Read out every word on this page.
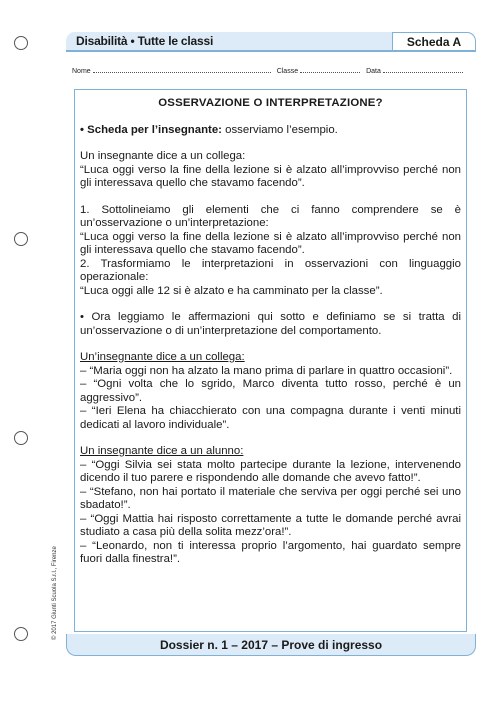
Disabilità • Tutte le classi	Scheda A
Nome	Classe	Data
OSSERVAZIONE O INTERPRETAZIONE?

• Scheda per l’insegnante: osserviamo l’esempio.

Un insegnante dice a un collega:

“Luca oggi verso la fine della lezione si è alzato all’improvviso perché non gli interessava quello che stavamo facendo”.

1. Sottolineiamo gli elementi che ci fanno comprendere se è un’osservazione o un’interpretazione:

“Luca oggi verso la fine della lezione si è alzato all’improvviso perché non gli interessava quello che stavamo facendo”.

2. Trasformiamo le interpretazioni in osservazioni con linguaggio operazionale:

“Luca oggi alle 12 si è alzato e ha camminato per la classe”.

• Ora leggiamo le affermazioni qui sotto e definiamo se si tratta di un’osservazione o di un’interpretazione del comportamento.

Un’insegnante dice a un collega:

– “Maria oggi non ha alzato la mano prima di parlare in quattro occasioni”.

– “Ogni volta che lo sgrido, Marco diventa tutto rosso, perché è un aggressivo”.

– “Ieri Elena ha chiacchierato con una compagna durante i venti minuti dedicati al lavoro individuale”.

Un insegnante dice a un alunno:

– “Oggi Silvia sei stata molto partecipe durante la lezione, intervenendo dicendo il tuo parere e rispondendo alle domande che avevo fatto!”.

– “Stefano, non hai portato il materiale che serviva per oggi perché sei uno sbadato!”.

– “Oggi Mattia hai risposto correttamente a tutte le domande perché avrai studiato a casa più della solita mezz’ora!”.

– “Leonardo, non ti interessa proprio l’argomento, hai guardato sempre fuori dalla finestra!”.

© 2017 Giunti Scuola S.r.l., Firenze
Dossier n. 1 – 2017 – Prove di ingresso
